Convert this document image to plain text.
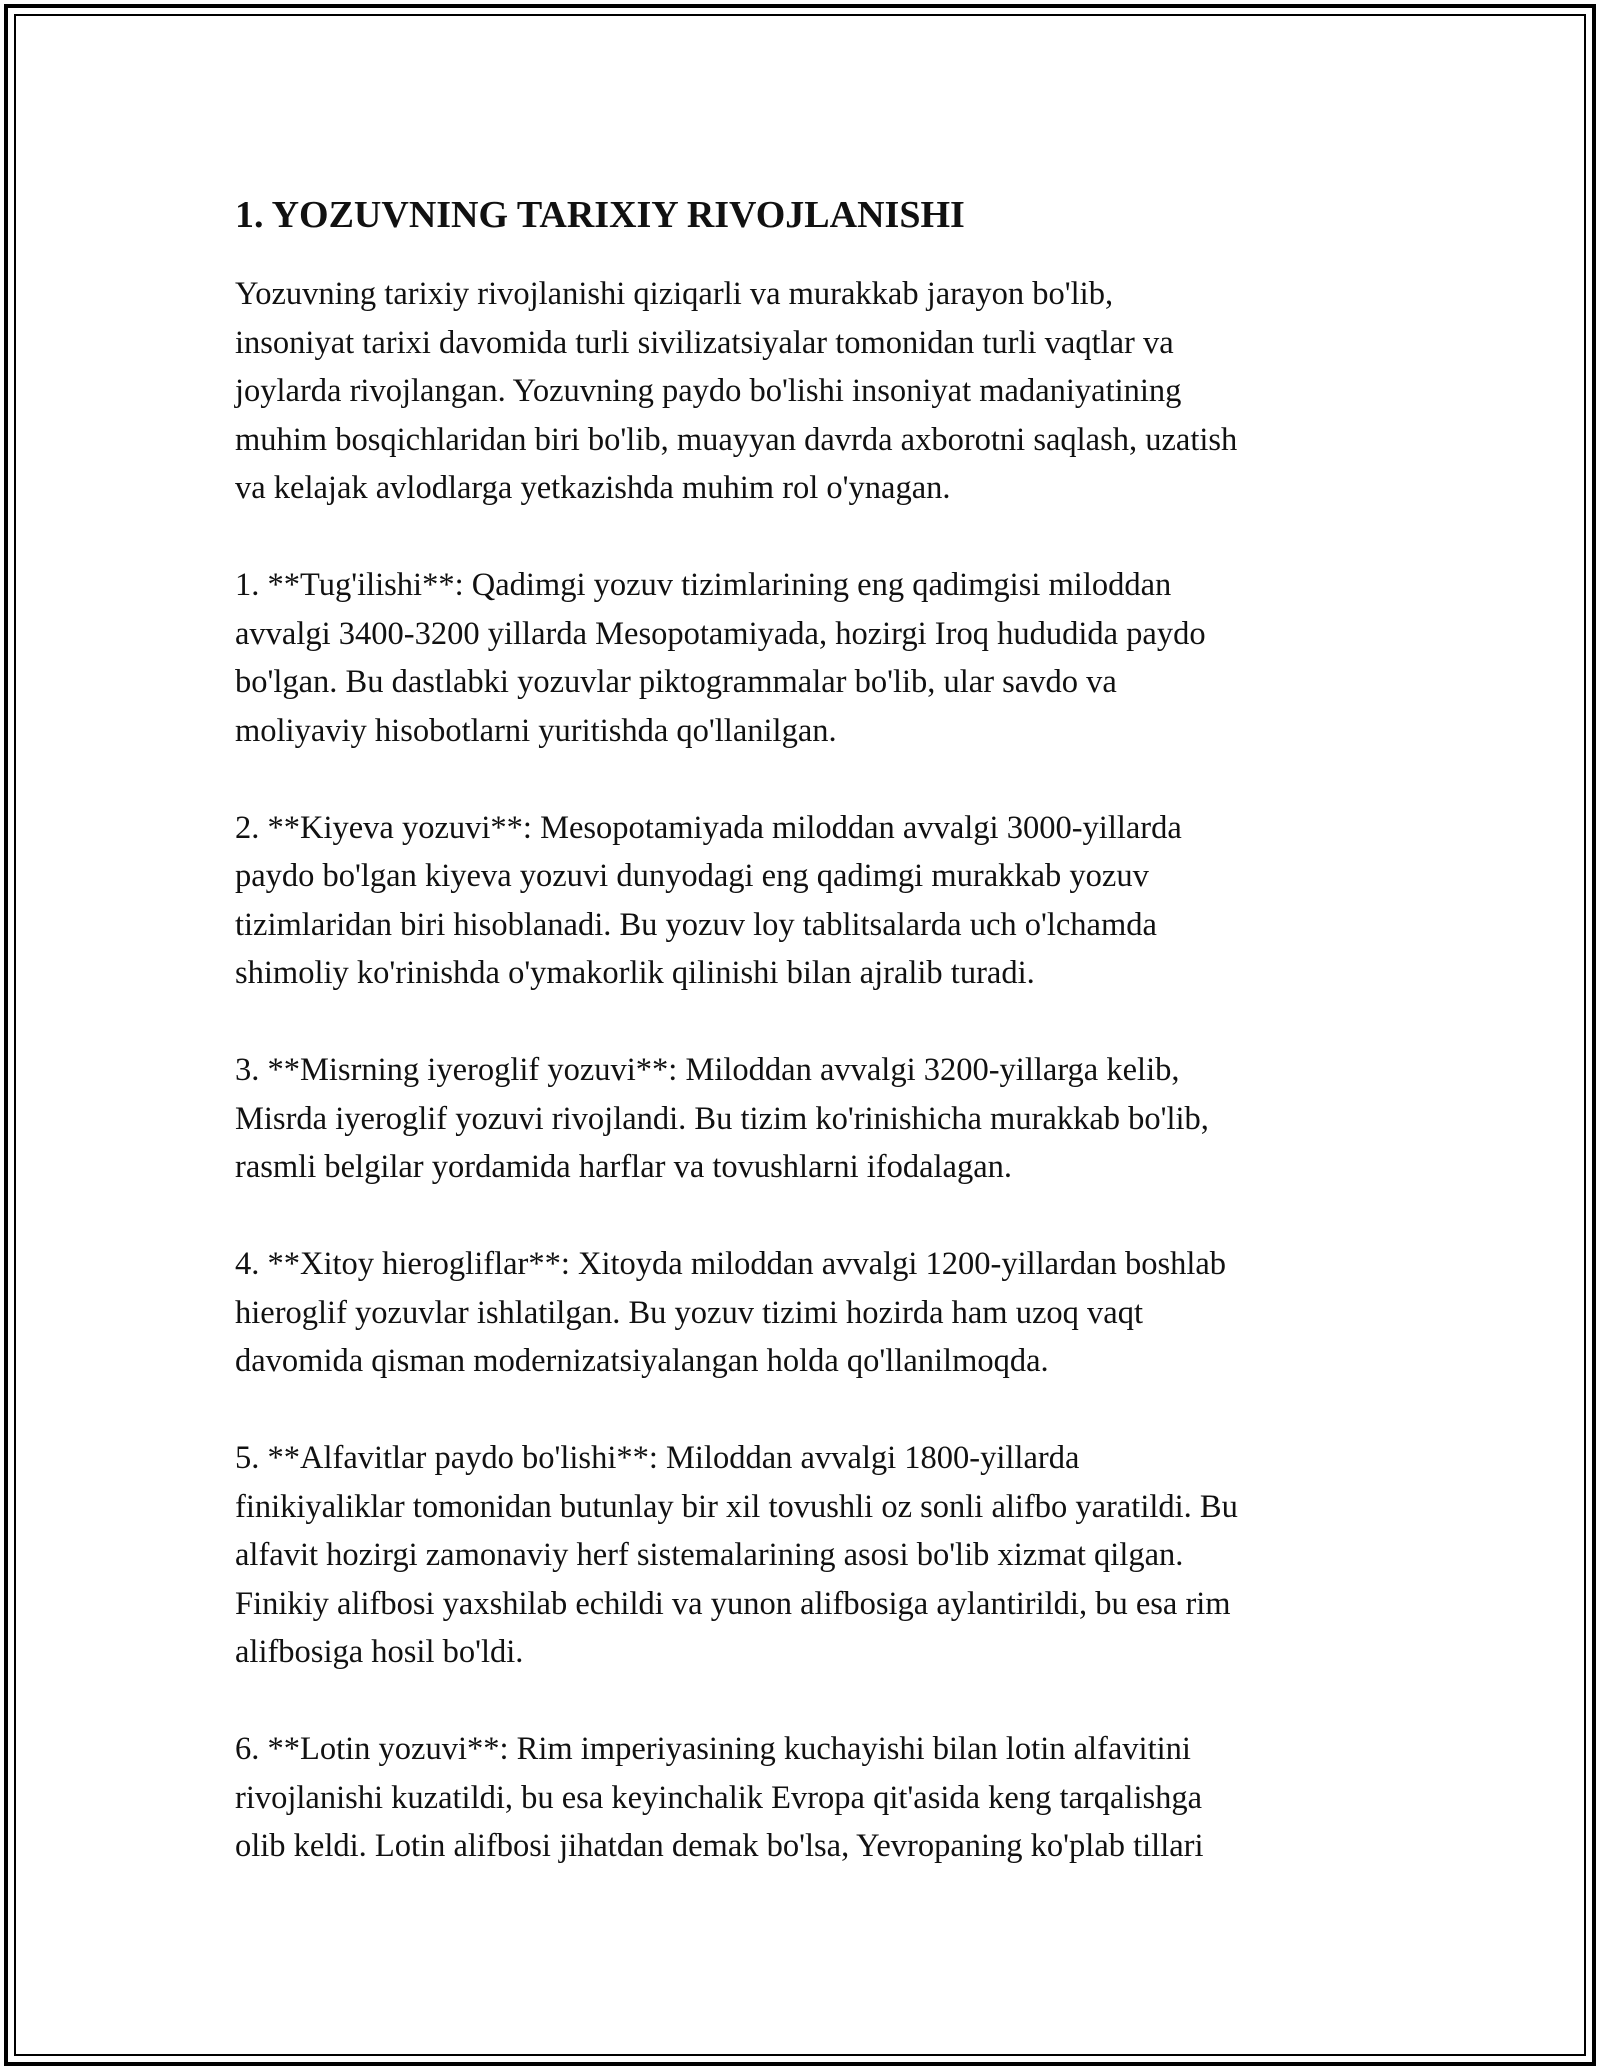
1. YOZUVNING TARIXIY RIVOJLANISHI

Yozuvning tarixiy rivojlanishi qiziqarli va murakkab jarayon bo'lib,
insoniyat tarixi davomida turli sivilizatsiyalar tomonidan turli vaqtlar va
joylarda rivojlangan. Yozuvning paydo bo'lishi insoniyat madaniyatining
muhim bosqichlaridan biri bo'lib, muayyan davrda axborotni saqlash, uzatish
va kelajak avlodlarga yetkazishda muhim rol o'ynagan.

1. **Tug'ilishi**: Qadimgi yozuv tizimlarining eng qadimgisi miloddan
avvalgi 3400-3200 yillarda Mesopotamiyada, hozirgi Iroq hududida paydo
bo'lgan. Bu dastlabki yozuvlar piktogrammalar bo'lib, ular savdo va
moliyaviy hisobotlarni yuritishda qo'llanilgan.

2. **Kiyeva yozuvi**: Mesopotamiyada miloddan avvalgi 3000-yillarda
paydo bo'lgan kiyeva yozuvi dunyodagi eng qadimgi murakkab yozuv
tizimlaridan biri hisoblanadi. Bu yozuv loy tablitsalarda uch o'lchamda
shimoliy ko'rinishda o'ymakorlik qilinishi bilan ajralib turadi.

3. **Misrning iyeroglif yozuvi**: Miloddan avvalgi 3200-yillarga kelib,
Misrda iyeroglif yozuvi rivojlandi. Bu tizim ko'rinishicha murakkab bo'lib,
rasmli belgilar yordamida harflar va tovushlarni ifodalagan.

4. **Xitoy hierogliflar**: Xitoyda miloddan avvalgi 1200-yillardan boshlab
hieroglif yozuvlar ishlatilgan. Bu yozuv tizimi hozirda ham uzoq vaqt
davomida qisman modernizatsiyalangan holda qo'llanilmoqda.

5. **Alfavitlar paydo bo'lishi**: Miloddan avvalgi 1800-yillarda
finikiyaliklar tomonidan butunlay bir xil tovushli oz sonli alifbo yaratildi. Bu
alfavit hozirgi zamonaviy herf sistemalarining asosi bo'lib xizmat qilgan.
Finikiy alifbosi yaxshilab echildi va yunon alifbosiga aylantirildi, bu esa rim
alifbosiga hosil bo'ldi.

6. **Lotin yozuvi**: Rim imperiyasining kuchayishi bilan lotin alfavitini
rivojlanishi kuzatildi, bu esa keyinchalik Evropa qit'asida keng tarqalishga
olib keldi. Lotin alifbosi jihatdan demak bo'lsa, Yevropaning ko'plab tillari
